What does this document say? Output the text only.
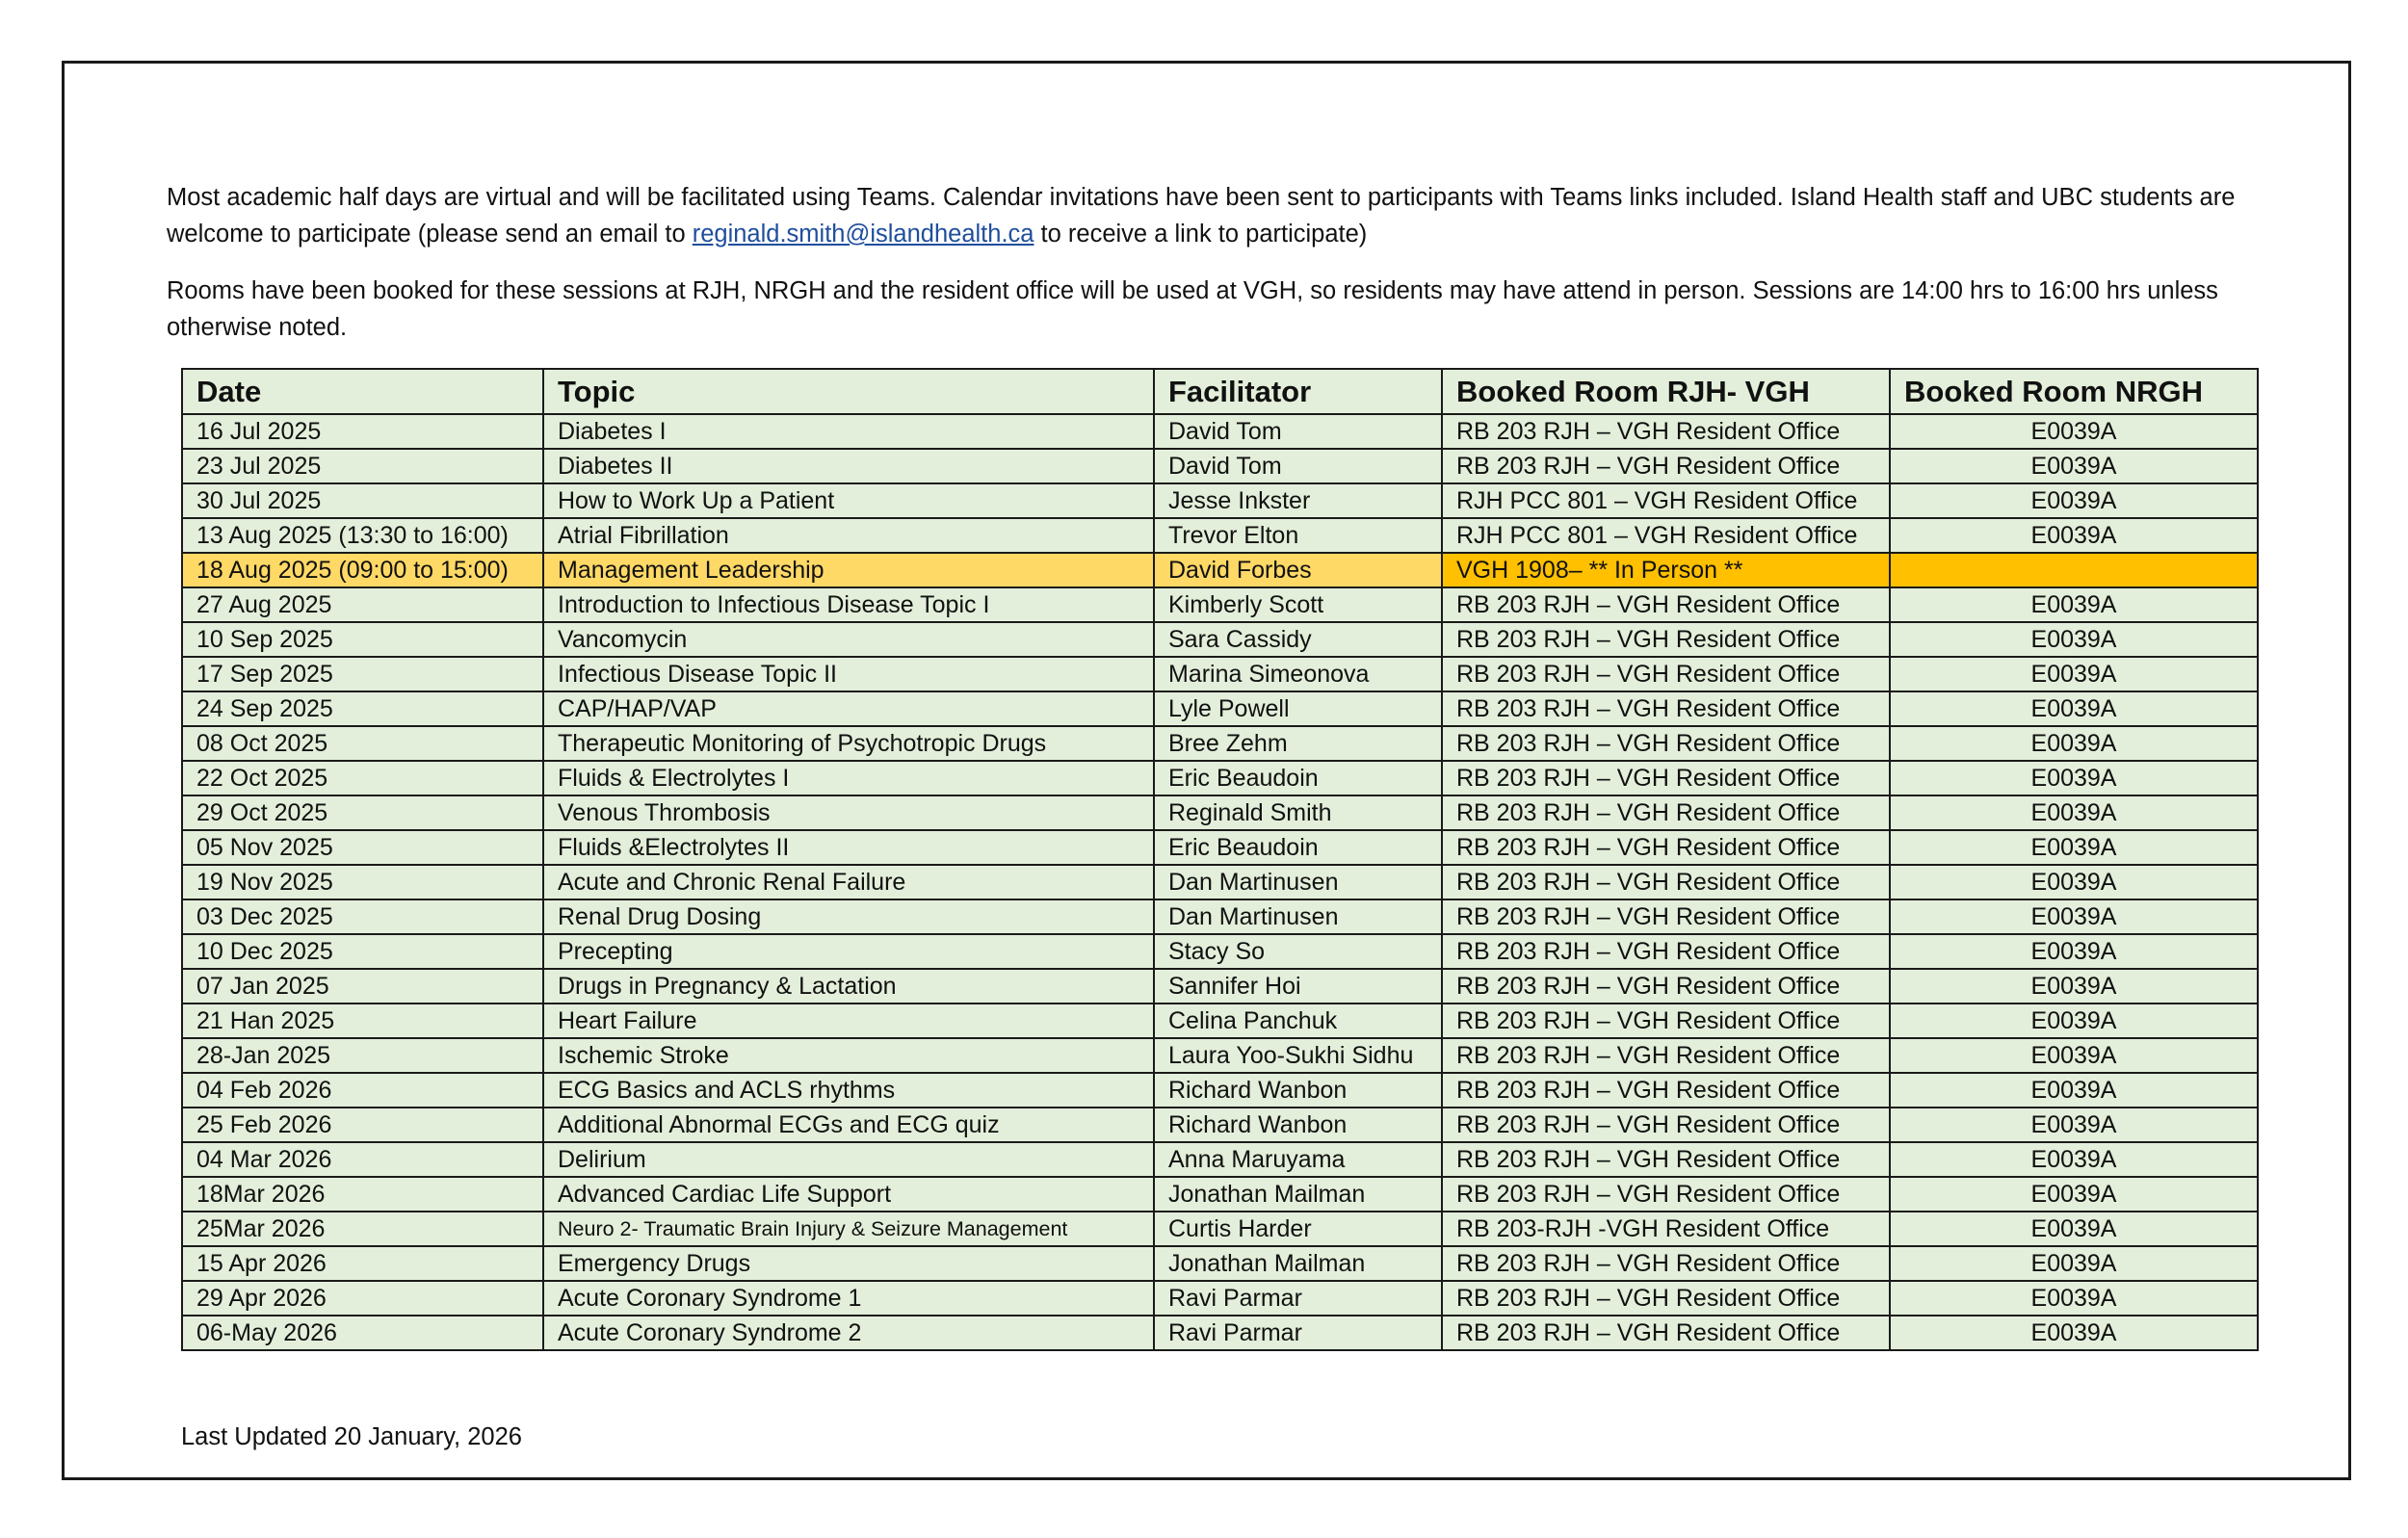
Most academic half days are virtual and will be facilitated using Teams. Calendar invitations have been sent to participants with Teams links included. Island Health staff and UBC students are welcome to participate (please send an email to reginald.smith@islandhealth.ca to receive a link to participate)

Rooms have been booked for these sessions at RJH, NRGH and the resident office will be used at VGH, so residents may have attend in person. Sessions are 14:00 hrs to 16:00 hrs unless otherwise noted.

Date	Topic	Facilitator	Booked Room RJH- VGH	Booked Room NRGH
16 Jul 2025	Diabetes I	David Tom	RB 203 RJH – VGH Resident Office	E0039A
23 Jul 2025	Diabetes II	David Tom	RB 203 RJH – VGH Resident Office	E0039A
30 Jul 2025	How to Work Up a Patient	Jesse Inkster	RJH PCC 801 – VGH Resident Office	E0039A
13 Aug 2025 (13:30 to 16:00)	Atrial Fibrillation	Trevor Elton	RJH PCC 801 – VGH Resident Office	E0039A
18 Aug 2025 (09:00 to 15:00)	Management Leadership	David Forbes	VGH 1908– ** In Person **	
27 Aug 2025	Introduction to Infectious Disease Topic I	Kimberly Scott	RB 203 RJH – VGH Resident Office	E0039A
10 Sep 2025	Vancomycin	Sara Cassidy	RB 203 RJH – VGH Resident Office	E0039A
17 Sep 2025	Infectious Disease Topic II	Marina Simeonova	RB 203 RJH – VGH Resident Office	E0039A
24 Sep 2025	CAP/HAP/VAP	Lyle Powell	RB 203 RJH – VGH Resident Office	E0039A
08 Oct 2025	Therapeutic Monitoring of Psychotropic Drugs	Bree Zehm	RB 203 RJH – VGH Resident Office	E0039A
22 Oct 2025	Fluids & Electrolytes I	Eric Beaudoin	RB 203 RJH – VGH Resident Office	E0039A
29 Oct 2025	Venous Thrombosis	Reginald Smith	RB 203 RJH – VGH Resident Office	E0039A
05 Nov 2025	Fluids &Electrolytes II	Eric Beaudoin	RB 203 RJH – VGH Resident Office	E0039A
19 Nov 2025	Acute and Chronic Renal Failure	Dan Martinusen	RB 203 RJH – VGH Resident Office	E0039A
03 Dec 2025	Renal Drug Dosing	Dan Martinusen	RB 203 RJH – VGH Resident Office	E0039A
10 Dec 2025	Precepting	Stacy So	RB 203 RJH – VGH Resident Office	E0039A
07 Jan 2025	Drugs in Pregnancy & Lactation	Sannifer Hoi	RB 203 RJH – VGH Resident Office	E0039A
21 Han 2025	Heart Failure	Celina Panchuk	RB 203 RJH – VGH Resident Office	E0039A
28-Jan 2025	Ischemic Stroke	Laura Yoo-Sukhi Sidhu	RB 203 RJH – VGH Resident Office	E0039A
04 Feb 2026	ECG Basics and ACLS rhythms	Richard Wanbon	RB 203 RJH – VGH Resident Office	E0039A
25 Feb 2026	Additional Abnormal ECGs and ECG quiz	Richard Wanbon	RB 203 RJH – VGH Resident Office	E0039A
04 Mar 2026	Delirium	Anna Maruyama	RB 203 RJH – VGH Resident Office	E0039A
18Mar 2026	Advanced Cardiac Life Support	Jonathan Mailman	RB 203 RJH – VGH Resident Office	E0039A
25Mar 2026	Neuro 2- Traumatic Brain Injury & Seizure Management	Curtis Harder	RB 203-RJH -VGH Resident Office	E0039A
15 Apr 2026	Emergency Drugs	Jonathan Mailman	RB 203 RJH – VGH Resident Office	E0039A
29 Apr 2026	Acute Coronary Syndrome 1	Ravi Parmar	RB 203 RJH – VGH Resident Office	E0039A
06-May 2026	Acute Coronary Syndrome 2	Ravi Parmar	RB 203 RJH – VGH Resident Office	E0039A
Last Updated 20 January, 2026
